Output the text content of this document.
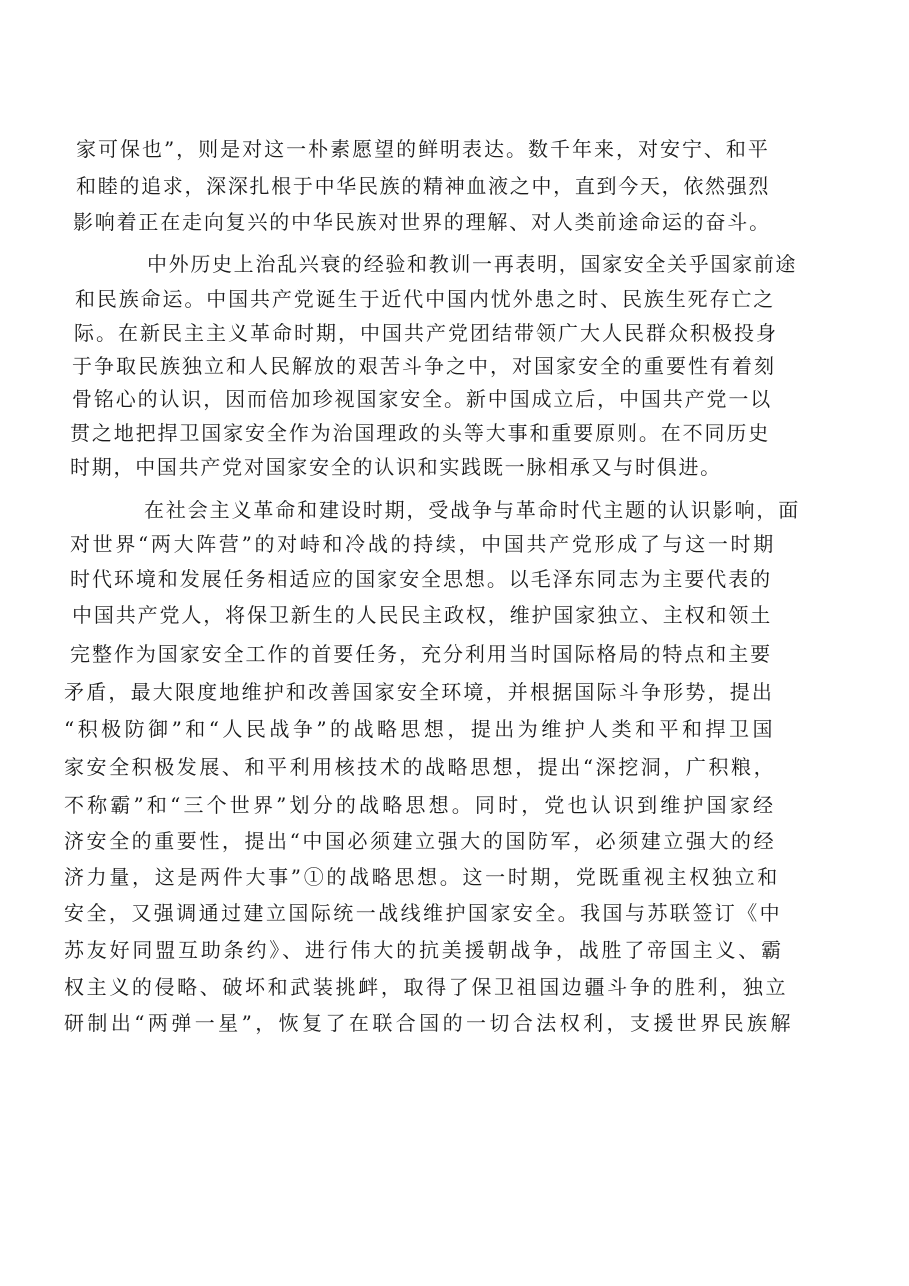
家可保也”，则是对这一朴素愿望的鲜明表达。数千年来，对安宁、和平
和睦的追求，深深扎根于中华民族的精神血液之中，直到今天，依然强烈
影响着正在走向复兴的中华民族对世界的理解、对人类前途命运的奋斗。
中外历史上治乱兴衰的经验和教训一再表明，国家安全关乎国家前途
和民族命运。中国共产党诞生于近代中国内忧外患之时、民族生死存亡之
际。在新民主主义革命时期，中国共产党团结带领广大人民群众积极投身
于争取民族独立和人民解放的艰苦斗争之中，对国家安全的重要性有着刻
骨铭心的认识，因而倍加珍视国家安全。新中国成立后，中国共产党一以
贯之地把捍卫国家安全作为治国理政的头等大事和重要原则。在不同历史
时期，中国共产党对国家安全的认识和实践既一脉相承又与时俱进。
在社会主义革命和建设时期，受战争与革命时代主题的认识影响，面
对世界“两大阵营”的对峙和冷战的持续，中国共产党形成了与这一时期
时代环境和发展任务相适应的国家安全思想。以毛泽东同志为主要代表的
中国共产党人，将保卫新生的人民民主政权，维护国家独立、主权和领土
完整作为国家安全工作的首要任务，充分利用当时国际格局的特点和主要
矛盾，最大限度地维护和改善国家安全环境，并根据国际斗争形势，提出
“积极防御”和“人民战争”的战略思想，提出为维护人类和平和捍卫国
家安全积极发展、和平利用核技术的战略思想，提出“深挖洞，广积粮，
不称霸”和“三个世界”划分的战略思想。同时，党也认识到维护国家经
济安全的重要性，提出“中国必须建立强大的国防军，必须建立强大的经
济力量，这是两件大事”①的战略思想。这一时期，党既重视主权独立和
安全，又强调通过建立国际统一战线维护国家安全。我国与苏联签订《中
苏友好同盟互助条约》、进行伟大的抗美援朝战争，战胜了帝国主义、霸
权主义的侵略、破坏和武装挑衅，取得了保卫祖国边疆斗争的胜利，独立
研制出“两弹一星”，恢复了在联合国的一切合法权利，支援世界民族解
